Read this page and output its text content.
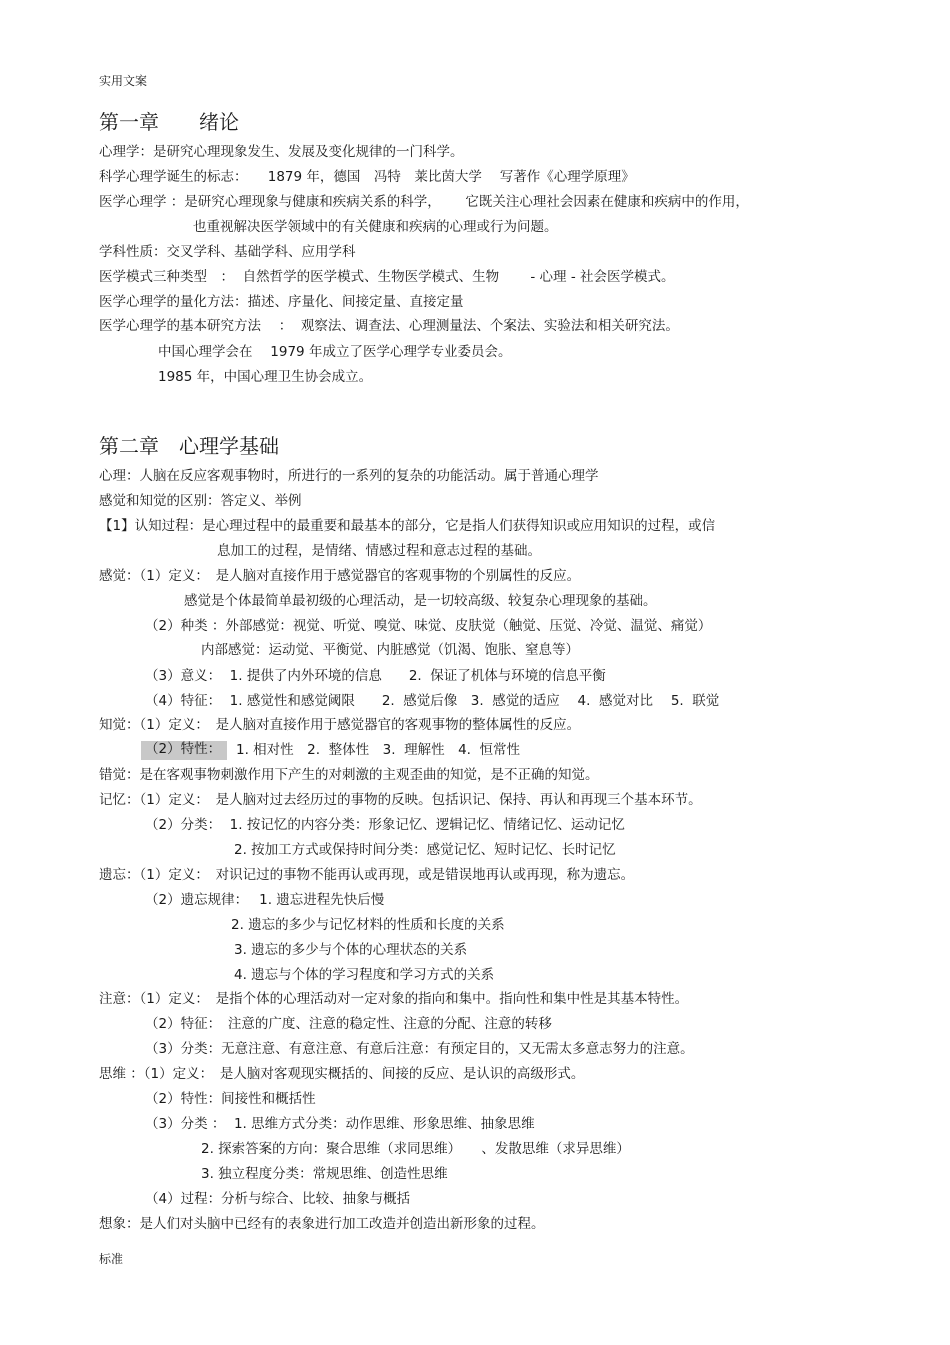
实用文案
第一章　　绪论
心理学：是研究心理现象发生、发展及变化规律的一门科学。
科学心理学诞生的标志：　　1879 年，德国　冯特　莱比茵大学　 写著作《心理学原理》
医学心理学 ：是研究心理现象与健康和疾病关系的科学，　　 它既关注心理社会因素在健康和疾病中的作用，
也重视解决医学领域中的有关健康和疾病的心理或行为问题。
学科性质：交叉学科、基础学科、应用学科
医学模式三种类型　：  自然哲学的医学模式、生物医学模式、生物　　 - 心理 - 社会医学模式。
医学心理学的量化方法：描述、序量化、间接定量、直接定量
医学心理学的基本研究方法　 ：  观察法、调查法、心理测量法、个案法、实验法和相关研究法。
中国心理学会在　 1979 年成立了医学心理学专业委员会。
1985 年，中国心理卫生协会成立。
第二章　心理学基础
心理：人脑在反应客观事物时，所进行的一系列的复杂的功能活动。属于普通心理学
感觉和知觉的区别：答定义、举例
【1】认知过程：是心理过程中的最重要和最基本的部分，它是指人们获得知识或应用知识的过程，或信
息加工的过程，是情绪、情感过程和意志过程的基础。
感觉：（1）定义：　是人脑对直接作用于感觉器官的客观事物的个别属性的反应。
感觉是个体最简单最初级的心理活动，是一切较高级、较复杂心理现象的基础。
（2）种类 ：外部感觉：视觉、听觉、嗅觉、味觉、皮肤觉（触觉、压觉、冷觉、温觉、痛觉）
内部感觉：运动觉、平衡觉、内脏感觉（饥渴、饱胀、窒息等）
（3）意义：  1. 提供了内外环境的信息　　2.  保证了机体与环境的信息平衡
（4）特征：  1. 感觉性和感觉阈限　　2.  感觉后像　3.  感觉的适应　 4.  感觉对比　 5.  联觉
知觉：（1）定义：　是人脑对直接作用于感觉器官的客观事物的整体属性的反应。
（2）特性：	1. 相对性　2.  整体性　3.  理解性　4.  恒常性
错觉：是在客观事物刺激作用下产生的对刺激的主观歪曲的知觉，是不正确的知觉。
记忆：（1）定义：　是人脑对过去经历过的事物的反映。包括识记、保持、再认和再现三个基本环节。
（2）分类：  1. 按记忆的内容分类：形象记忆、逻辑记忆、情绪记忆、运动记忆
2. 按加工方式或保持时间分类：感觉记忆、短时记忆、长时记忆
遗忘：（1）定义：　对识记过的事物不能再认或再现，或是错误地再认或再现，称为遗忘。
（2）遗忘规律：　 1. 遗忘进程先快后慢
2. 遗忘的多少与记忆材料的性质和长度的关系
3. 遗忘的多少与个体的心理状态的关系
4. 遗忘与个体的学习程度和学习方式的关系
注意：（1）定义：　是指个体的心理活动对一定对象的指向和集中。指向性和集中性是其基本特性。
（2）特征：　注意的广度、注意的稳定性、注意的分配、注意的转移
（3）分类：无意注意、有意注意、有意后注意：有预定目的，又无需太多意志努力的注意。
思维 ：（1）定义：　是人脑对客观现实概括的、间接的反应、是认识的高级形式。
（2）特性：间接性和概括性
（3）分类 ：  1. 思维方式分类：动作思维、形象思维、抽象思维
2. 探索答案的方向：聚合思维（求同思维）　　、发散思维（求异思维）
3. 独立程度分类：常规思维、创造性思维
（4）过程：分析与综合、比较、抽象与概括
想象：是人们对头脑中已经有的表象进行加工改造并创造出新形象的过程。
标准
